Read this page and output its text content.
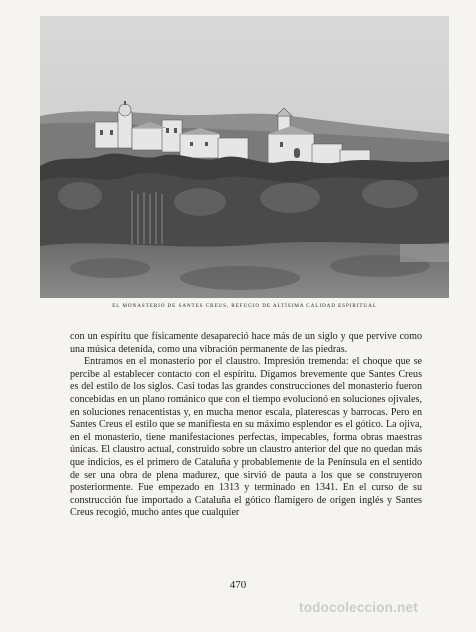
EL MONASTERIO DE SANTES CREUS, REFUGIO DE ALTÍSIMA CALIDAD ESPIRITUAL

con un espíritu que físicamente desapareció hace más de un siglo y que pervive como una música detenida, como una vibración permanente de las piedras.

Entramos en el monasterio por el claustro. Impresión tremenda: el choque que se percibe al establecer contacto con el espíritu. Digamos brevemente que Santes Creus es del estilo de los siglos. Casi todas las grandes construcciones del monasterio fueron concebidas en un plano románico que con el tiempo evolucionó en soluciones ojivales, en soluciones renacentistas y, en mucha menor escala, platerescas y barrocas. Pero en Santes Creus el estilo que se manifiesta en su máximo esplendor es el gótico. La ojiva, en el monasterio, tiene manifestaciones perfectas, impecables, forma obras maestras únicas. El claustro actual, construido sobre un claustro anterior del que no quedan más que indicios, es el primero de Cataluña y probablemente de la Península en el sentido de ser una obra de plena madurez, que sirvió de pauta a los que se construyeron posteriormente. Fue empezado en 1313 y terminado en 1341. En el curso de su construcción fue importado a Cataluña el gótico flamígero de origen inglés y Santes Creus recogió, mucho antes que cualquier

470
todocoleccion.net
